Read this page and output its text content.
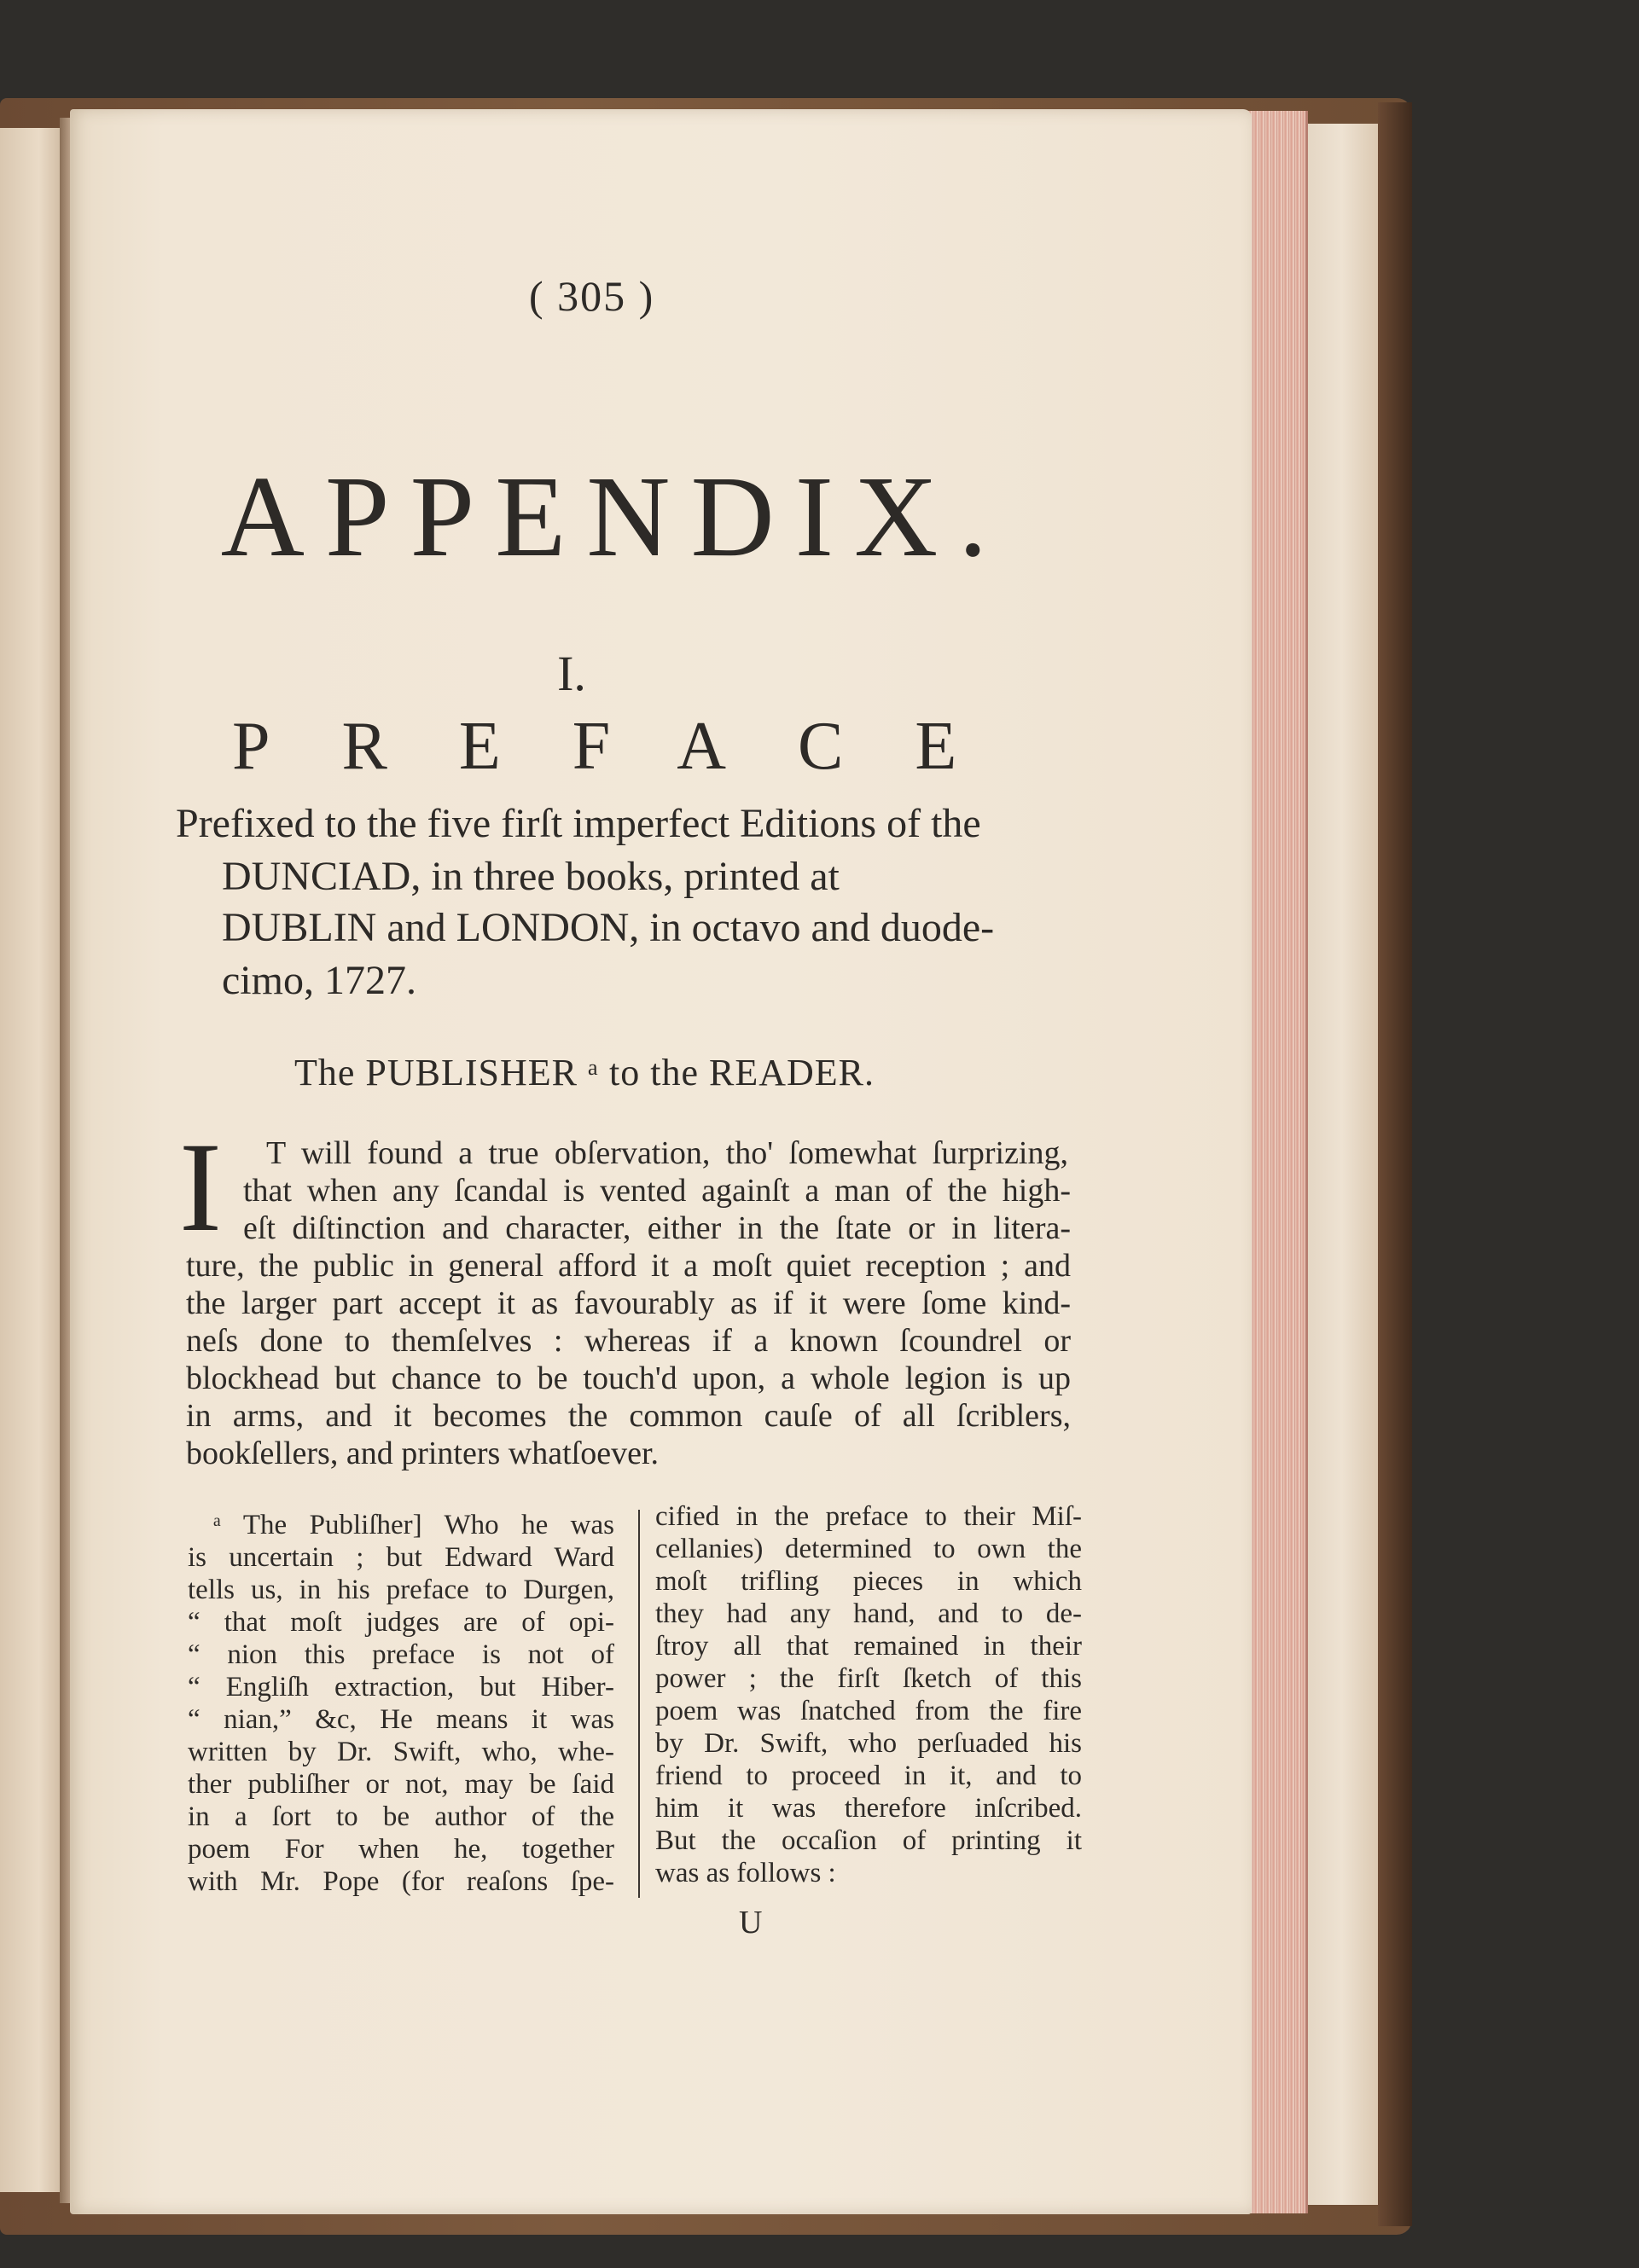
( 305 )
APPENDIX.
I.
PREFACE
Prefixed to the five firſt imperfect Editions of the
DUNCIAD, in three books, printed at
DUBLIN and LONDON, in octavo and duode-
cimo, 1727.
The PUBLISHER ᵃ to the READER.
I T will found a true obſervation, tho' ſomewhat ſurprizing,
that when any ſcandal is vented againſt a man of the high-
eſt diſtinction and character, either in the ſtate or in litera-
ture, the public in general afford it a moſt quiet reception ; and
the larger part accept it as favourably as if it were ſome kind-
neſs done to themſelves : whereas if a known ſcoundrel or
blockhead but chance to be touch'd upon, a whole legion is up
in arms, and it becomes the common cauſe of all ſcriblers,
bookſellers, and printers whatſoever.
ᵃ The Publiſher] Who he was
is uncertain ; but Edward Ward
tells us, in his preface to Durgen,
“ that moſt judges are of opi-
“ nion this preface is not of
“ Engliſh extraction, but Hiber-
“ nian,” &c, He means it was
written by Dr. Swift, who, whe-
ther publiſher or not, may be ſaid
in a ſort to be author of the
poem For when he, together
with Mr. Pope (for reaſons ſpe-
cified in the preface to their Miſ-
cellanies) determined to own the
moſt trifling pieces in which
they had any hand, and to de-
ſtroy all that remained in their
power ; the firſt ſketch of this
poem was ſnatched from the fire
by Dr. Swift, who perſuaded his
friend to proceed in it, and to
him it was therefore inſcribed.
But the occaſion of printing it
was as follows :
U
